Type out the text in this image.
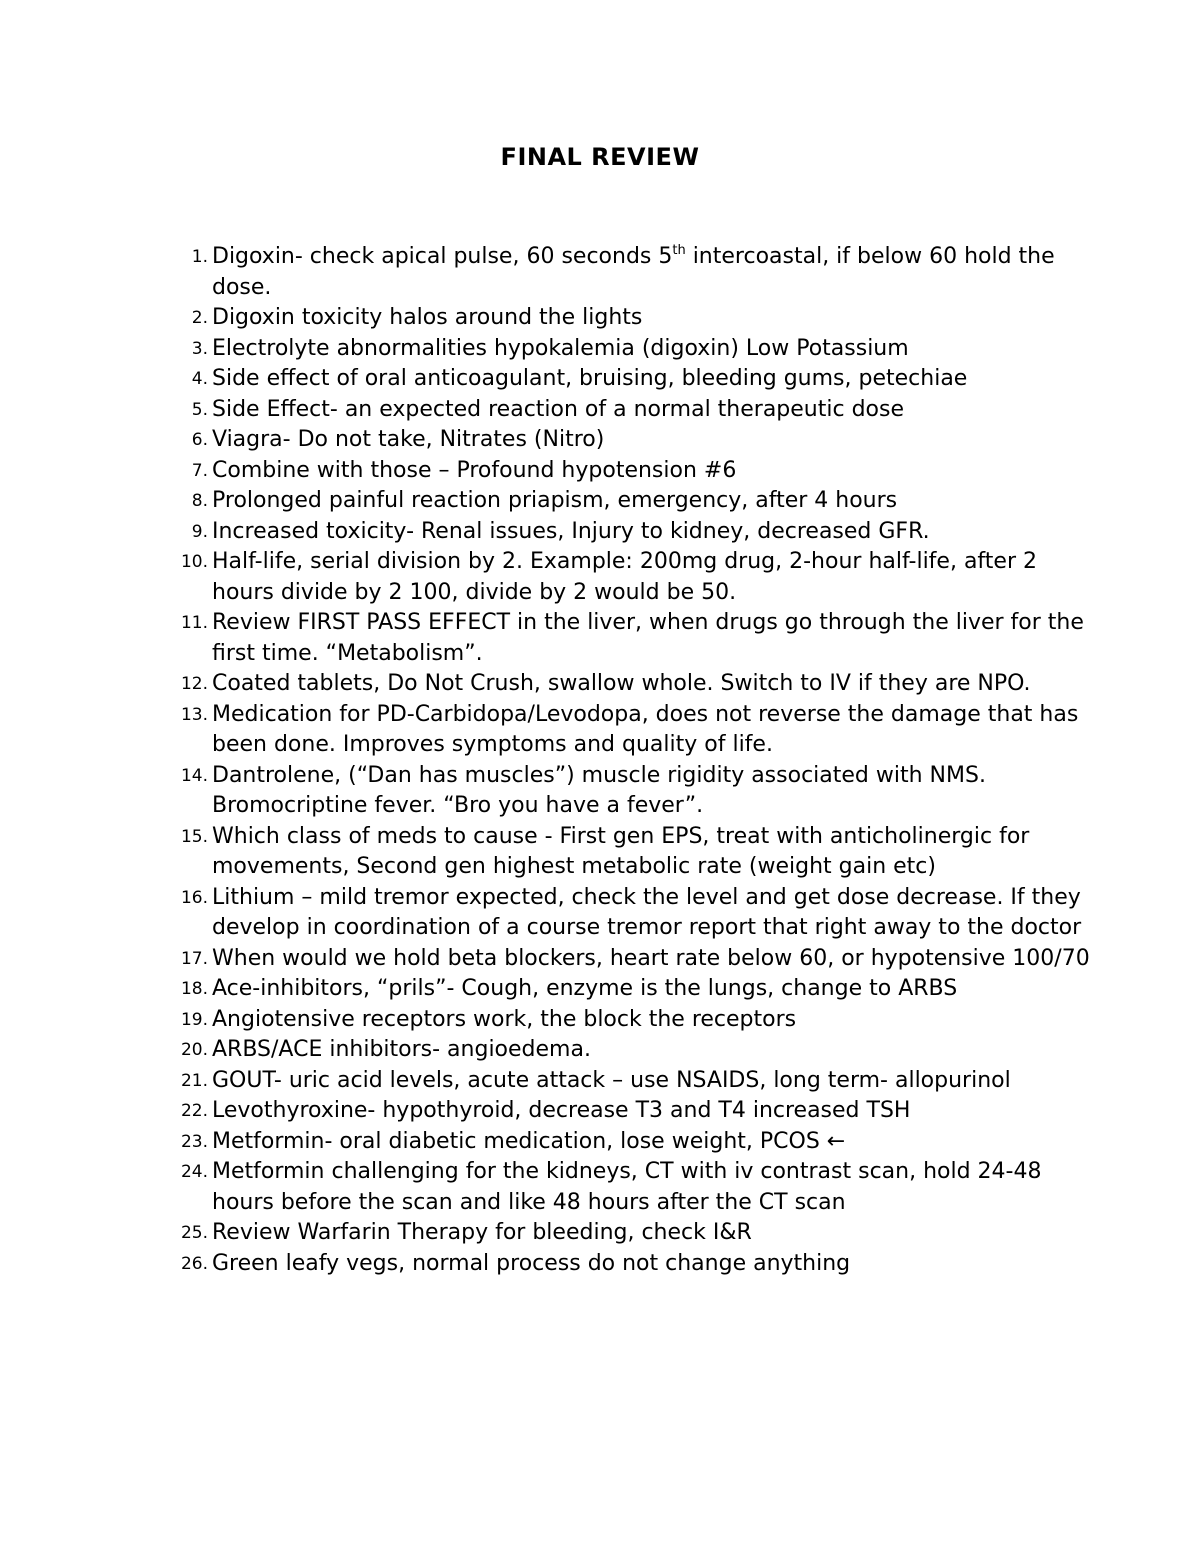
FINAL REVIEW
1. Digoxin- check apical pulse, 60 seconds 5th intercoastal, if below 60 hold the dose.
2. Digoxin toxicity halos around the lights
3. Electrolyte abnormalities hypokalemia (digoxin) Low Potassium
4. Side effect of oral anticoagulant, bruising, bleeding gums, petechiae
5. Side Effect- an expected reaction of a normal therapeutic dose
6. Viagra- Do not take, Nitrates (Nitro)
7. Combine with those – Profound hypotension #6
8. Prolonged painful reaction priapism, emergency, after 4 hours
9. Increased toxicity- Renal issues, Injury to kidney, decreased GFR.
10. Half-life, serial division by 2. Example: 200mg drug, 2-hour half-life, after 2 hours divide by 2 100, divide by 2 would be 50.
11. Review FIRST PASS EFFECT in the liver, when drugs go through the liver for the first time. “Metabolism”.
12. Coated tablets, Do Not Crush, swallow whole. Switch to IV if they are NPO.
13. Medication for PD-Carbidopa/Levodopa, does not reverse the damage that has been done. Improves symptoms and quality of life.
14. Dantrolene, (“Dan has muscles”) muscle rigidity associated with NMS. Bromocriptine fever. “Bro you have a fever”.
15. Which class of meds to cause - First gen EPS, treat with anticholinergic for movements, Second gen highest metabolic rate (weight gain etc)
16. Lithium – mild tremor expected, check the level and get dose decrease. If they develop in coordination of a course tremor report that right away to the doctor
17. When would we hold beta blockers, heart rate below 60, or hypotensive 100/70
18. Ace-inhibitors, “prils”- Cough, enzyme is the lungs, change to ARBS
19. Angiotensive receptors work, the block the receptors
20. ARBS/ACE inhibitors- angioedema.
21. GOUT- uric acid levels, acute attack – use NSAIDS, long term- allopurinol
22. Levothyroxine- hypothyroid, decrease T3 and T4 increased TSH
23. Metformin- oral diabetic medication, lose weight, PCOS ←
24. Metformin challenging for the kidneys, CT with iv contrast scan, hold 24-48 hours before the scan and like 48 hours after the CT scan
25. Review Warfarin Therapy for bleeding, check I&R
26. Green leafy vegs, normal process do not change anything
